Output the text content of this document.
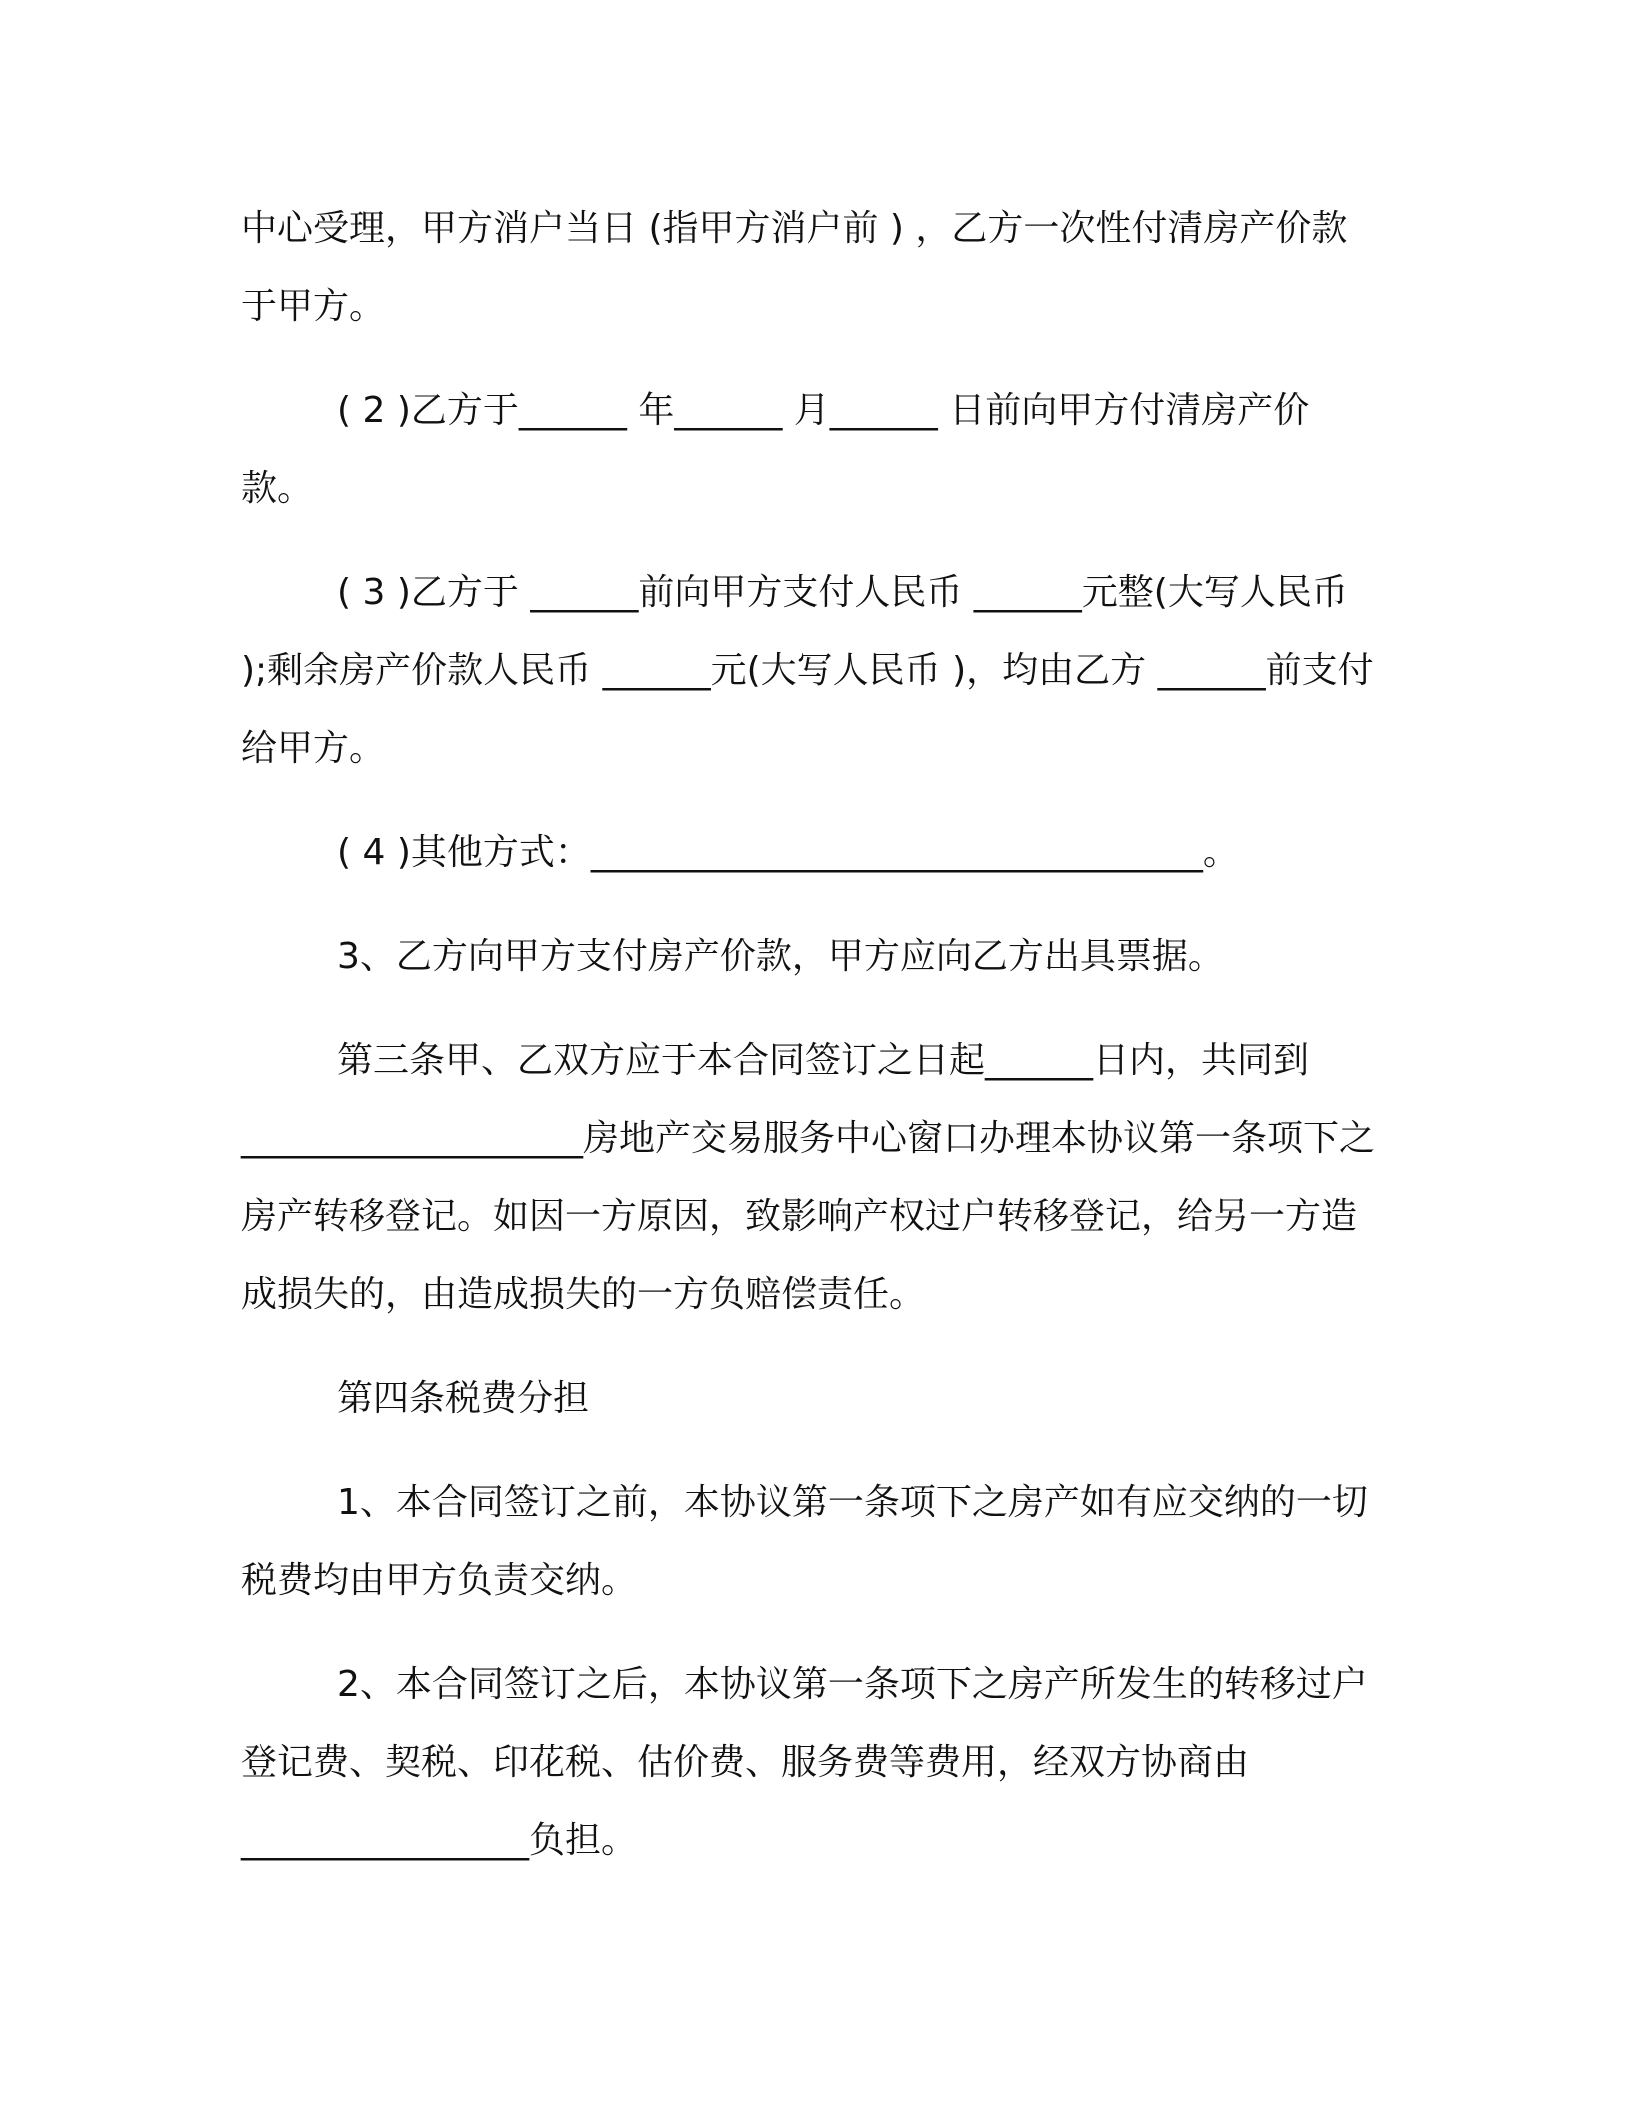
中心受理，甲方消户当日 (指甲方消户前 ) ，乙方一次性付清房产价款于甲方。

( 2 )乙方于______ 年______ 月______ 日前向甲方付清房产价款。

( 3 )乙方于 ______前向甲方支付人民币 ______元整(大写人民币 );剩余房产价款人民币 ______元(大写人民币 )，均由乙方 ______前支付给甲方。

( 4 )其他方式：__________________________________。

3、乙方向甲方支付房产价款，甲方应向乙方出具票据。

第三条甲、乙双方应于本合同签订之日起______日内，共同到___________________房地产交易服务中心窗口办理本协议第一条项下之房产转移登记。如因一方原因，致影响产权过户转移登记，给另一方造成损失的，由造成损失的一方负赔偿责任。

第四条税费分担

1、本合同签订之前，本协议第一条项下之房产如有应交纳的一切税费均由甲方负责交纳。

2、本合同签订之后，本协议第一条项下之房产所发生的转移过户登记费、契税、印花税、估价费、服务费等费用，经双方协商由________________负担。
